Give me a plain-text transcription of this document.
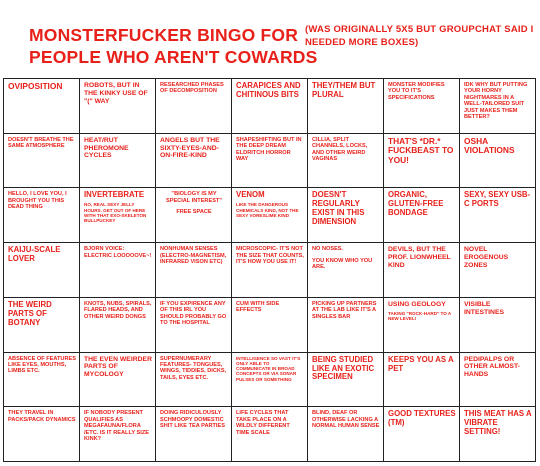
MONSTERFUCKER BINGO FOR PEOPLE WHO AREN'T COWARDS
(WAS ORIGINALLY 5X5 BUT GROUPCHAT SAID I NEEDED MORE BOXES)
OVIPOSITION	ROBOTS, BUT IN THE KINKY USE OF "(" WAY
RESEARCHED PHASES OF DECOMPOSITION
CARAPICES AND CHITINOUS BITS
THEY/THEM BUT PLURAL
MONSTER MODIFIES YOU TO IT'S SPECIFICATIONS
IDK WHY BUT PUTTING YOUR HORNY NIGHTMARES IN A WELL-TAILORED SUIT JUST MAKES THEM BETTER?
DOESN'T BREATHE THE SAME ATMOSPHERE
HEAT/RUT PHEROMONE CYCLES
ANGELS BUT THE SIXTY-EYES-AND-ON-FIRE-KIND
SHAPESHIFTING BUT IN THE DEEP DREAM ELDRITCH HORROR WAY
CILLIA, SPLIT CHANNELS, LOCKS, AND OTHER WEIRD VAGINAS
THAT'S *DR.* FUCKBEAST TO YOU!
OSHA VIOLATIONS
HELLO, I LOVE YOU, I BROUGHT YOU THIS DEAD THING
INVERTEBRATE
NO, REAL SEXY JELLY HOURS. GET OUT OF HERE WITH THAT EXO-SKELETON BULLPUCKEY
"BIOLOGY IS MY SPECIAL INTEREST"
FREE SPACE
VENOM
LIKE THE DANGEROUS CHEMICALS KIND, NOT THE SEXY VORESLIME KIND
DOESN'T REGULARLY EXIST IN THIS DIMENSION
ORGANIC, GLUTEN-FREE BONDAGE
SEXY, SEXY USB-C PORTS
KAIJU-SCALE LOVER
BJORN VOICE: ELECTRIC LOOOOOVE~!
NONHUMAN SENSES (ELECTRO-MAGNETISM, INFRARED VISON ETC)
MICROSCOPIC- IT'S NOT THE SIZE THAT COUNTS, IT'S HOW YOU USE IT!
NO NOSES.
YOU KNOW WHO YOU ARE.
DEVILS, BUT THE PROF. LIONWHEEL KIND
NOVEL EROGENOUS ZONES
THE WEIRD PARTS OF BOTANY
KNOTS, NUBS, SPIRALS, FLARED HEADS, AND OTHER WEIRD DONGS
IF YOU EXPIRENCE ANY OF THIS IRL YOU SHOULD PROBABLY GO TO THE HOSPITAL
CUM WITH SIDE EFFECTS
PICKING UP PARTNERS AT THE LAB LIKE IT'S A SINGLES BAR
USING GEOLOGY
TAKING "ROCK-HARD" TO A NEW LEVEL!
VISIBLE INTESTINES
ABSENCE OF FEATURES LIKE EYES, MOUTHS, LIMBS ETC.
THE EVEN WEIRDER PARTS OF MYCOLOGY
SUPERNUMERARY FEATURES- TONGUES, WINGS, TIDDIES, DICKS, TAILS, EYES ETC.
INTELLIGENCE SO VAST IT'S ONLY ABLE TO COMMUNICATE IN BROAD CONCEPTS OR VIA SONAR PULSES OR SOMETHING
BEING STUDIED LIKE AN EXOTIC SPECIMEN
KEEPS YOU AS A PET
PEDIPALPS OR OTHER ALMOST-HANDS
THEY TRAVEL IN PACKS/PACK DYNAMICS
IF NOBODY PRESENT QUALIFIES AS MEGAFAUNA/FLORA /ETC. IS IT REALLY SIZE KINK?
DOING RIDICULOUSLY SCHMOOPY DOMESTIC SHIT LIKE TEA PARTIES
LIFE CYCLES THAT TAKE PLACE ON A WILDLY DIFFERENT TIME SCALE
BLIND, DEAF OR OTHERWISE LACKING A NORMAL HUMAN SENSE
GOOD TEXTURES (TM)
THIS MEAT HAS A VIBRATE SETTING!
